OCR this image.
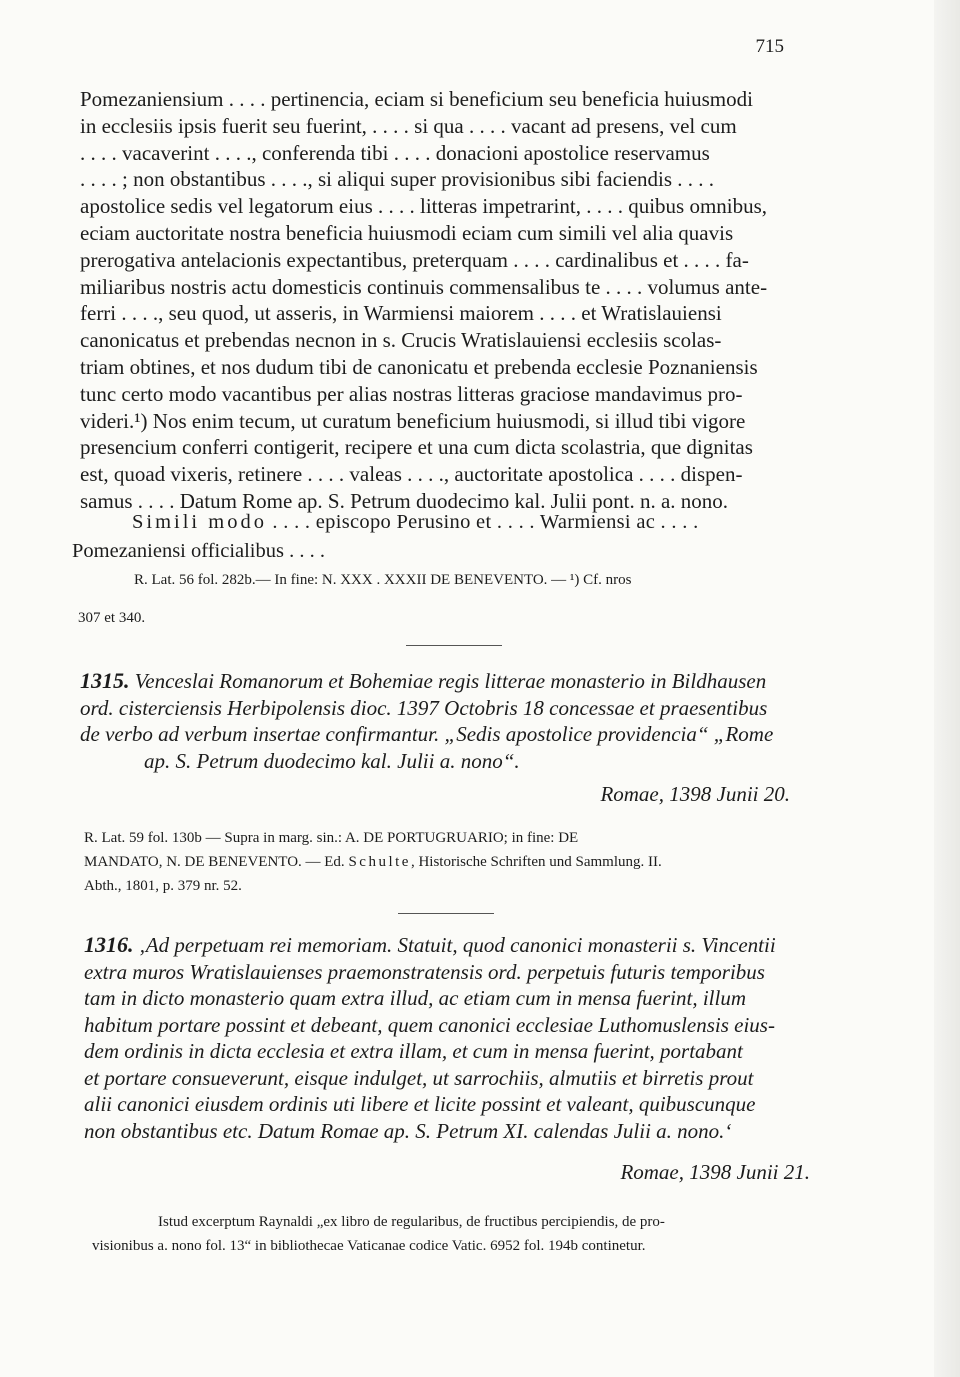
715

Pomezaniensium . . . . pertinencia, eciam si beneficium seu beneficia huiusmodi

in ecclesiis ipsis fuerit seu fuerint, . . . . si qua . . . . vacant ad presens, vel cum

. . . . vacaverint . . . ., conferenda tibi . . . . donacioni apostolice reservamus

. . . . ; non obstantibus . . . ., si aliqui super provisionibus sibi faciendis . . . .

apostolice sedis vel legatorum eius . . . . litteras impetrarint, . . . . quibus omnibus,

eciam auctoritate nostra beneficia huiusmodi eciam cum simili vel alia quavis

prerogativa antelacionis expectantibus, preterquam . . . . cardinalibus et . . . . fa-

miliaribus nostris actu domesticis continuis commensalibus te . . . . volumus ante-

ferri . . . ., seu quod, ut asseris, in Warmiensi maiorem . . . . et Wratislauiensi

canonicatus et prebendas necnon in s. Crucis Wratislauiensi ecclesiis scolas-

triam obtines, et nos dudum tibi de canonicatu et prebenda ecclesie Poznaniensis

tunc certo modo vacantibus per alias nostras litteras graciose mandavimus pro-

videri.¹) Nos enim tecum, ut curatum beneficium huiusmodi, si illud tibi vigore

presencium conferri contigerit, recipere et una cum dicta scolastria, que dignitas

est, quoad vixeris, retinere . . . . valeas . . . ., auctoritate apostolica . . . . dispen-

samus . . . . Datum Rome ap. S. Petrum duodecimo kal. Julii pont. n. a. nono.

Simili modo . . . . episcopo Perusino et . . . . Warmiensi ac . . . .
Pomezaniensi officialibus . . . .
R. Lat. 56 fol. 282b.— In fine: N. XXX . XXXII DE BENEVENTO. — ¹) Cf. nros
307 et 340.
1315. Venceslai Romanorum et Bohemiae regis litterae monasterio in Bildhausen
ord. cisterciensis Herbipolensis dioc. 1397 Octobris 18 concessae et praesentibus
de verbo ad verbum insertae confirmantur. „Sedis apostolice providencia“ „Rome
ap. S. Petrum duodecimo kal. Julii a. nono“.
Romae, 1398 Junii 20.
R. Lat. 59 fol. 130b — Supra in marg. sin.: A. DE PORTUGRUARIO; in fine: DE
MANDATO, N. DE BENEVENTO. — Ed. Schulte, Historische Schriften und Sammlung. II.
Abth., 1801, p. 379 nr. 52.
1316. ‚Ad perpetuam rei memoriam. Statuit, quod canonici monasterii s. Vincentii
extra muros Wratislauienses praemonstratensis ord. perpetuis futuris temporibus
tam in dicto monasterio quam extra illud, ac etiam cum in mensa fuerint, illum
habitum portare possint et debeant, quem canonici ecclesiae Luthomuslensis eius-
dem ordinis in dicta ecclesia et extra illam, et cum in mensa fuerint, portabant
et portare consueverunt, eisque indulget, ut sarrochiis, almutiis et birretis prout
alii canonici eiusdem ordinis uti libere et licite possint et valeant, quibuscunque
non obstantibus etc. Datum Romae ap. S. Petrum XI. calendas Julii a. nono.‘
Romae, 1398 Junii 21.
Istud excerptum Raynaldi „ex libro de regularibus, de fructibus percipiendis, de pro-
visionibus a. nono fol. 13“ in bibliothecae Vaticanae codice Vatic. 6952 fol. 194b continetur.
